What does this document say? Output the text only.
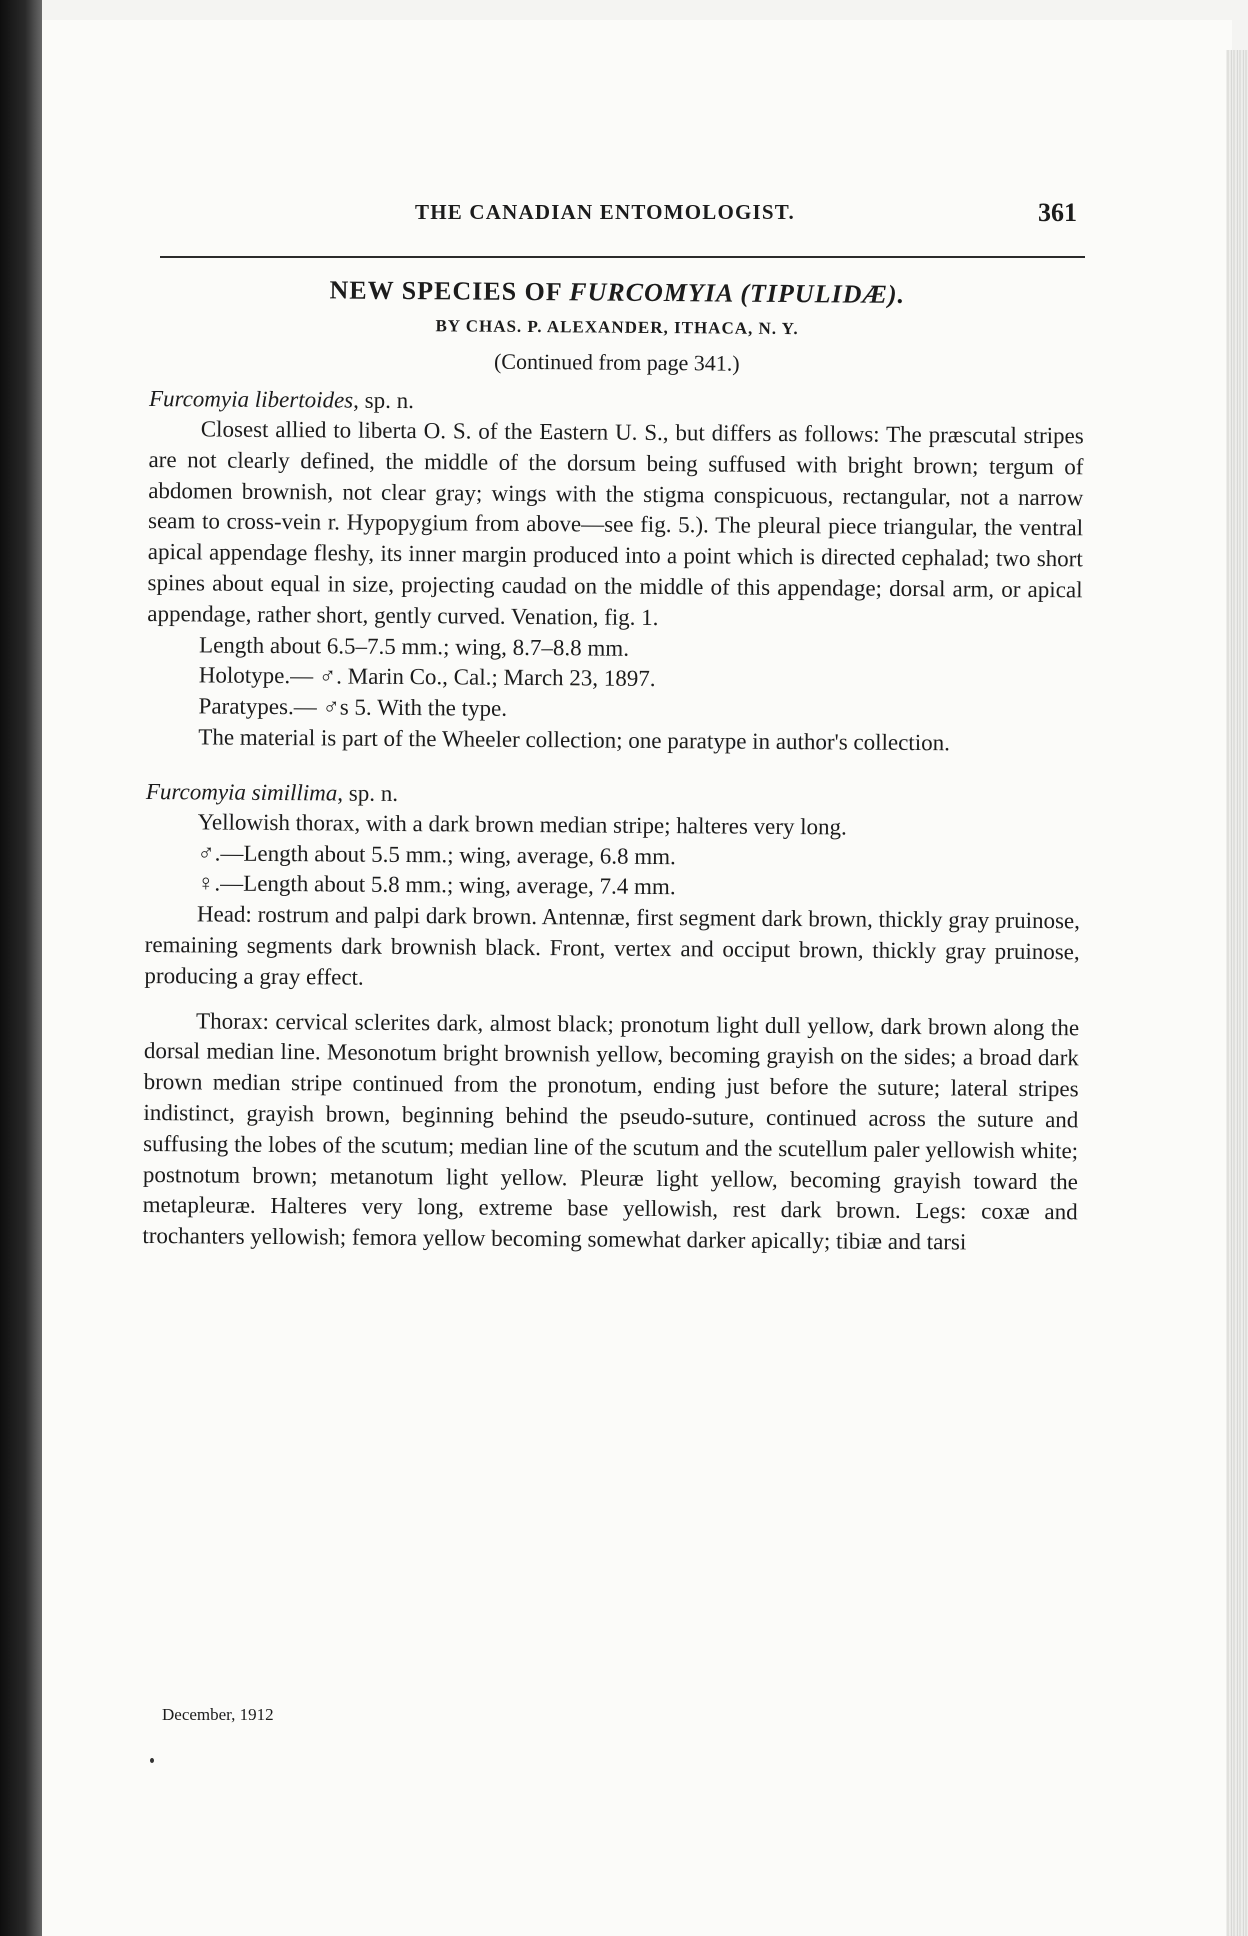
THE CANADIAN ENTOMOLOGIST.	361
NEW SPECIES OF FURCOMYIA (TIPULIDÆ).
BY CHAS. P. ALEXANDER, ITHACA, N. Y.
(Continued from page 341.)
Furcomyia libertoides, sp. n.

Closest allied to liberta O. S. of the Eastern U. S., but differs as follows: The præscutal stripes are not clearly defined, the middle of the dorsum being suffused with bright brown; tergum of abdomen brownish, not clear gray; wings with the stigma conspicuous, rectangular, not a narrow seam to cross-vein r. Hypopygium from above—see fig. 5.). The pleural piece triangular, the ventral apical appendage fleshy, its inner margin produced into a point which is directed cephalad; two short spines about equal in size, projecting caudad on the middle of this appendage; dorsal arm, or apical appendage, rather short, gently curved. Venation, fig. 1.

Length about 6.5–7.5 mm.; wing, 8.7–8.8 mm.

Holotype.— ♂. Marin Co., Cal.; March 23, 1897.

Paratypes.— ♂s 5. With the type.

The material is part of the Wheeler collection; one paratype in author's collection.

Furcomyia simillima, sp. n.

Yellowish thorax, with a dark brown median stripe; halteres very long.

♂.—Length about 5.5 mm.; wing, average, 6.8 mm.

♀.—Length about 5.8 mm.; wing, average, 7.4 mm.

Head: rostrum and palpi dark brown. Antennæ, first segment dark brown, thickly gray pruinose, remaining segments dark brownish black. Front, vertex and occiput brown, thickly gray pruinose, producing a gray effect.

Thorax: cervical sclerites dark, almost black; pronotum light dull yellow, dark brown along the dorsal median line. Mesonotum bright brownish yellow, becoming grayish on the sides; a broad dark brown median stripe continued from the pronotum, ending just before the suture; lateral stripes indistinct, grayish brown, beginning behind the pseudo-suture, continued across the suture and suffusing the lobes of the scutum; median line of the scutum and the scutellum paler yellowish white; postnotum brown; metanotum light yellow. Pleuræ light yellow, becoming grayish toward the metapleuræ. Halteres very long, extreme base yellowish, rest dark brown. Legs: coxæ and trochanters yellowish; femora yellow becoming somewhat darker apically; tibiæ and tarsi

December, 1912
